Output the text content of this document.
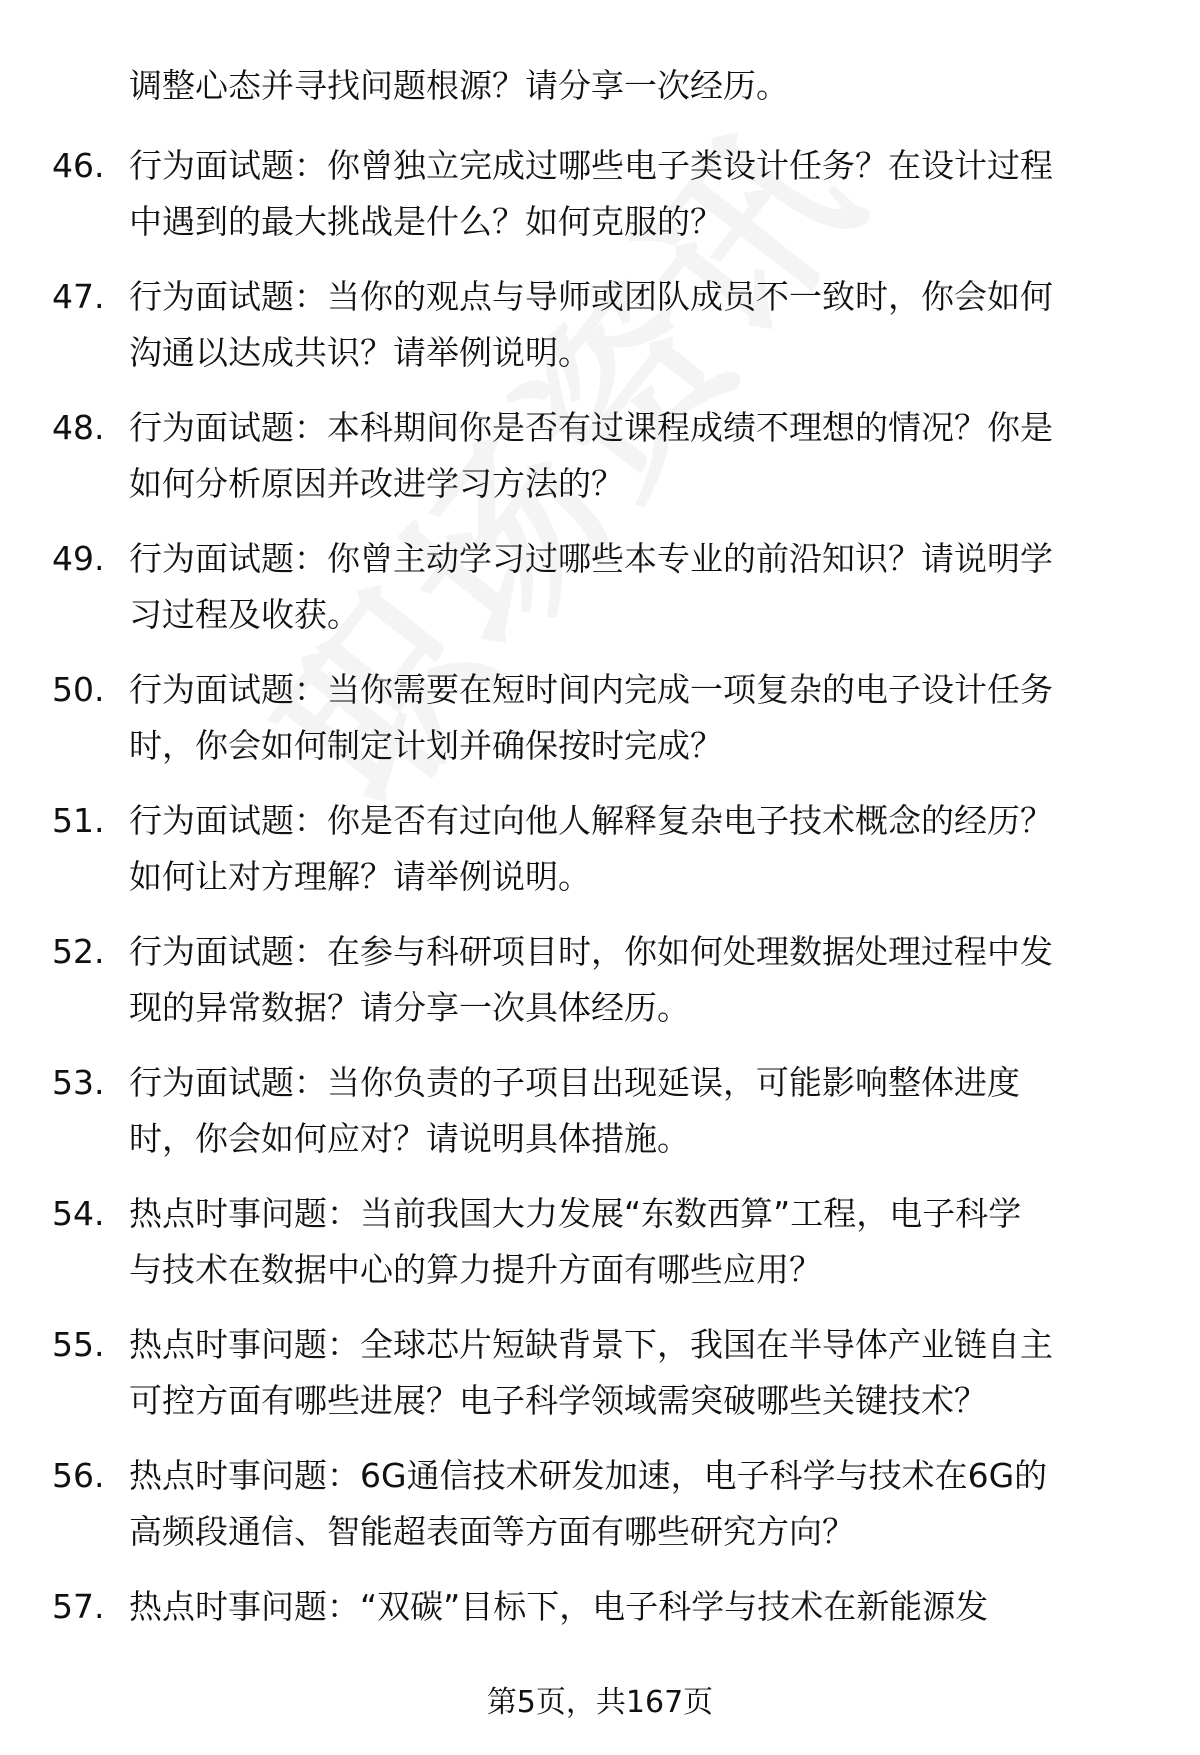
调整心态并寻找问题根源？请分享一次经历。
46. 行为面试题：你曾独立完成过哪些电子类设计任务？在设计过程
中遇到的最大挑战是什么？如何克服的？
47. 行为面试题：当你的观点与导师或团队成员不一致时，你会如何
沟通以达成共识？请举例说明。
48. 行为面试题：本科期间你是否有过课程成绩不理想的情况？你是
如何分析原因并改进学习方法的？
49. 行为面试题：你曾主动学习过哪些本专业的前沿知识？请说明学
习过程及收获。
50. 行为面试题：当你需要在短时间内完成一项复杂的电子设计任务
时，你会如何制定计划并确保按时完成？
51. 行为面试题：你是否有过向他人解释复杂电子技术概念的经历？
如何让对方理解？请举例说明。
52. 行为面试题：在参与科研项目时，你如何处理数据处理过程中发
现的异常数据？请分享一次具体经历。
53. 行为面试题：当你负责的子项目出现延误，可能影响整体进度
时，你会如何应对？请说明具体措施。
54. 热点时事问题：当前我国大力发展“东数西算”工程，电子科学
与技术在数据中心的算力提升方面有哪些应用？
55. 热点时事问题：全球芯片短缺背景下，我国在半导体产业链自主
可控方面有哪些进展？电子科学领域需突破哪些关键技术？
56. 热点时事问题：6G通信技术研发加速，电子科学与技术在6G的
高频段通信、智能超表面等方面有哪些研究方向？
57. 热点时事问题：“双碳”目标下，电子科学与技术在新能源发
第5页，共167页
